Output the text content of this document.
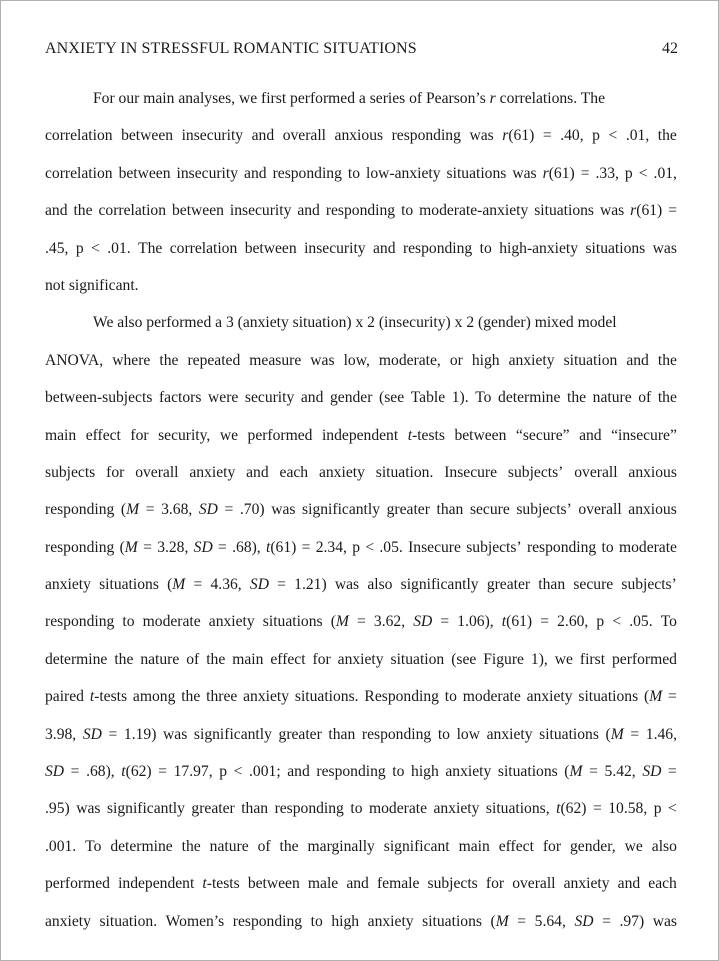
ANXIETY IN STRESSFUL ROMANTIC SITUATIONS	42
For our main analyses, we first performed a series of Pearson’s r correlations. The
correlation between insecurity and overall anxious responding was r(61) = .40, p < .01, the
correlation between insecurity and responding to low-anxiety situations was r(61) = .33, p < .01,
and the correlation between insecurity and responding to moderate-anxiety situations was r(61) =
.45, p < .01. The correlation between insecurity and responding to high-anxiety situations was
not significant.
We also performed a 3 (anxiety situation) x 2 (insecurity) x 2 (gender) mixed model
ANOVA, where the repeated measure was low, moderate, or high anxiety situation and the
between-subjects factors were security and gender (see Table 1). To determine the nature of the
main effect for security, we performed independent t-tests between “secure” and “insecure”
subjects for overall anxiety and each anxiety situation. Insecure subjects’ overall anxious
responding (M = 3.68, SD = .70) was significantly greater than secure subjects’ overall anxious
responding (M = 3.28, SD = .68), t(61) = 2.34, p < .05. Insecure subjects’ responding to moderate
anxiety situations (M = 4.36, SD = 1.21) was also significantly greater than secure subjects’
responding to moderate anxiety situations (M = 3.62, SD = 1.06), t(61) = 2.60, p < .05. To
determine the nature of the main effect for anxiety situation (see Figure 1), we first performed
paired t-tests among the three anxiety situations. Responding to moderate anxiety situations (M =
3.98, SD = 1.19) was significantly greater than responding to low anxiety situations (M = 1.46,
SD = .68), t(62) = 17.97, p < .001; and responding to high anxiety situations (M = 5.42, SD =
.95) was significantly greater than responding to moderate anxiety situations, t(62) = 10.58, p <
.001. To determine the nature of the marginally significant main effect for gender, we also
performed independent t-tests between male and female subjects for overall anxiety and each
anxiety situation. Women’s responding to high anxiety situations (M = 5.64, SD = .97) was
